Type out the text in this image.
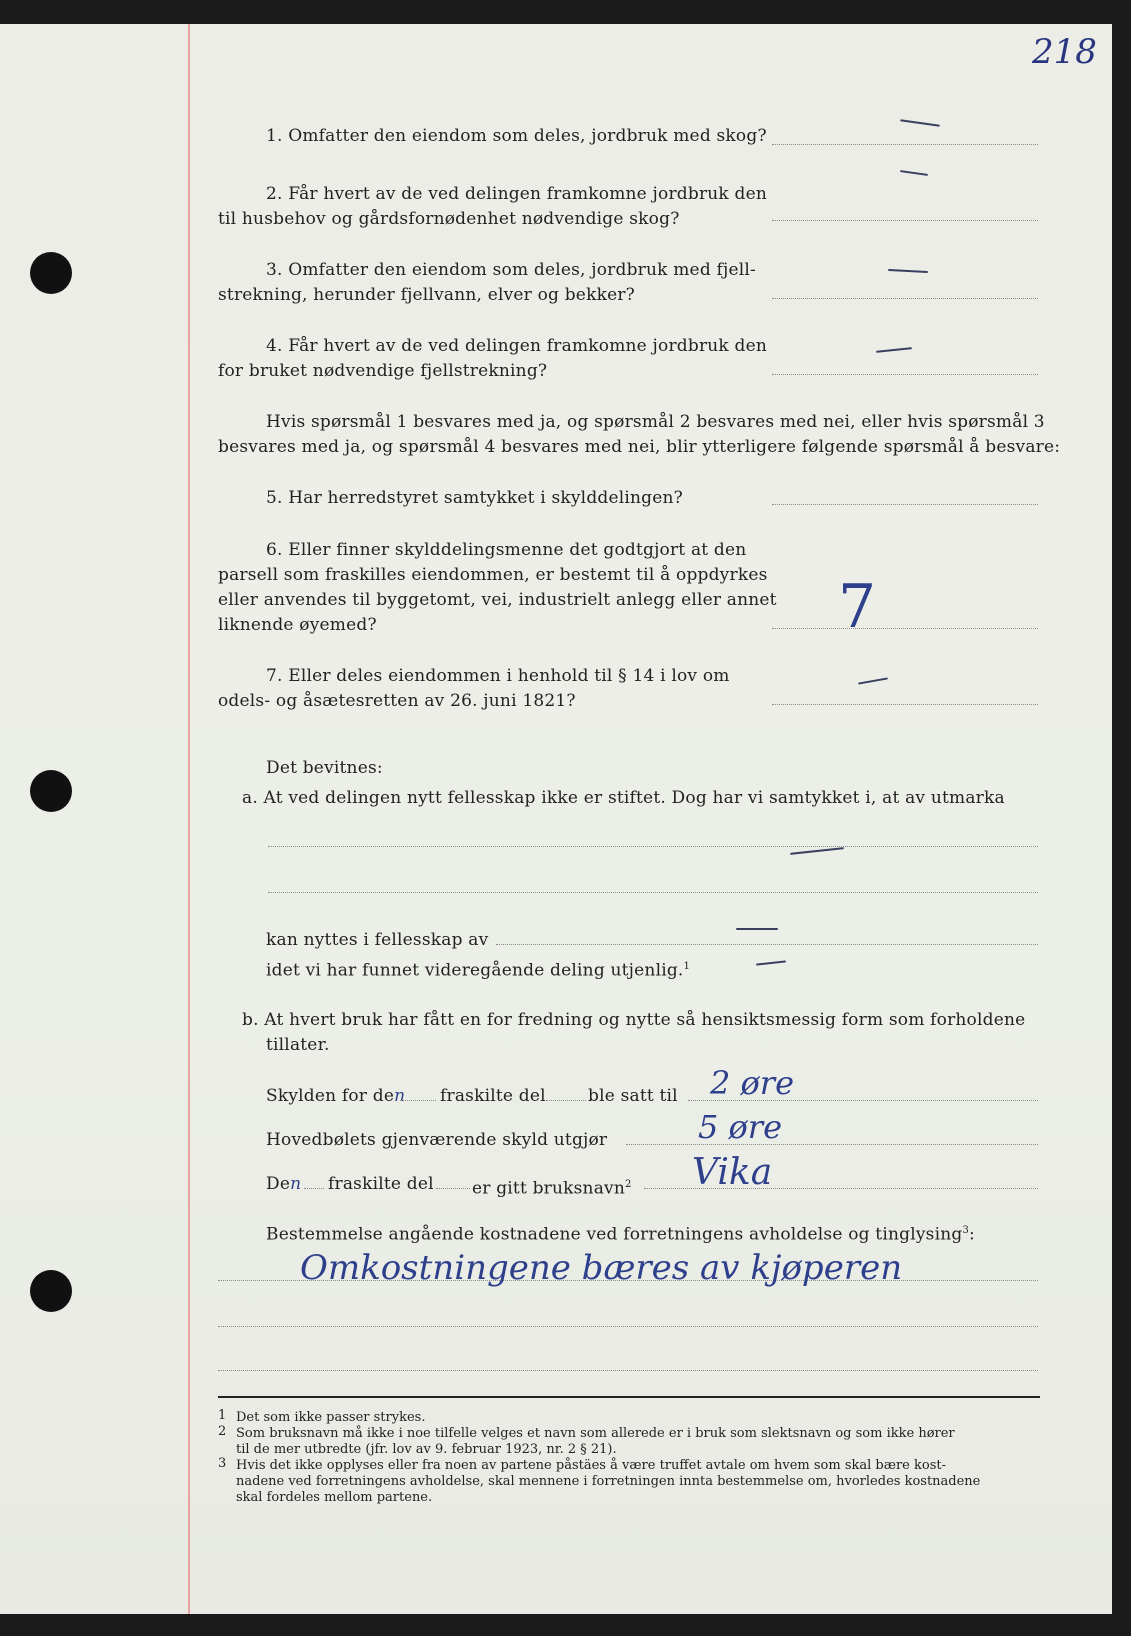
218
1. Omfatter den eiendom som deles, jordbruk med skog?
2. Får hvert av de ved delingen framkomne jordbruk den
til husbehov og gårdsfornødenhet nødvendige skog?
3. Omfatter den eiendom som deles, jordbruk med fjell-
strekning, herunder fjellvann, elver og bekker?
4. Får hvert av de ved delingen framkomne jordbruk den
for bruket nødvendige fjellstrekning?
Hvis spørsmål 1 besvares med ja, og spørsmål 2 besvares med nei, eller hvis spørsmål 3
besvares med ja, og spørsmål 4 besvares med nei, blir ytterligere følgende spørsmål å besvare:
5. Har herredstyret samtykket i skylddelingen?
6. Eller finner skylddelingsmenne det godtgjort at den
parsell som fraskilles eiendommen, er bestemt til å oppdyrkes
eller anvendes til byggetomt, vei, industrielt anlegg eller annet
liknende øyemed?	7
7. Eller deles eiendommen i henhold til § 14 i lov om
odels- og åsætesretten av 26. juni 1821?
Det bevitnes:
a. At ved delingen nytt fellesskap ikke er stiftet. Dog har vi samtykket i, at av utmarka
kan nyttes i fellesskap av
idet vi har funnet videregående deling utjenlig.$^1$
b. At hvert bruk har fått en for fredning og nytte så hensiktsmessig form som forholdene
tillater.
Skylden for den fraskilte del ble satt til 2 øre
Hovedbølets gjenværende skyld utgjør	5 øre
Den fraskilte del er gitt bruksnavn$^2$ Vika
Bestemmelse angående kostnadene ved forretningens avholdelse og tinglysing$^3$:
Omkostningene bæres av kjøperen
1 Det som ikke passer strykes.
2 Som bruksnavn må ikke i noe tilfelle velges et navn som allerede er i bruk som slektsnavn og som ikke hører
til de mer utbredte (jfr. lov av 9. februar 1923, nr. 2 § 21).
3 Hvis det ikke opplyses eller fra noen av partene påstäes å være truffet avtale om hvem som skal bære kost-
nadene ved forretningens avholdelse, skal mennene i forretningen innta bestemmelse om, hvorledes kostnadene
skal fordeles mellom partene.
